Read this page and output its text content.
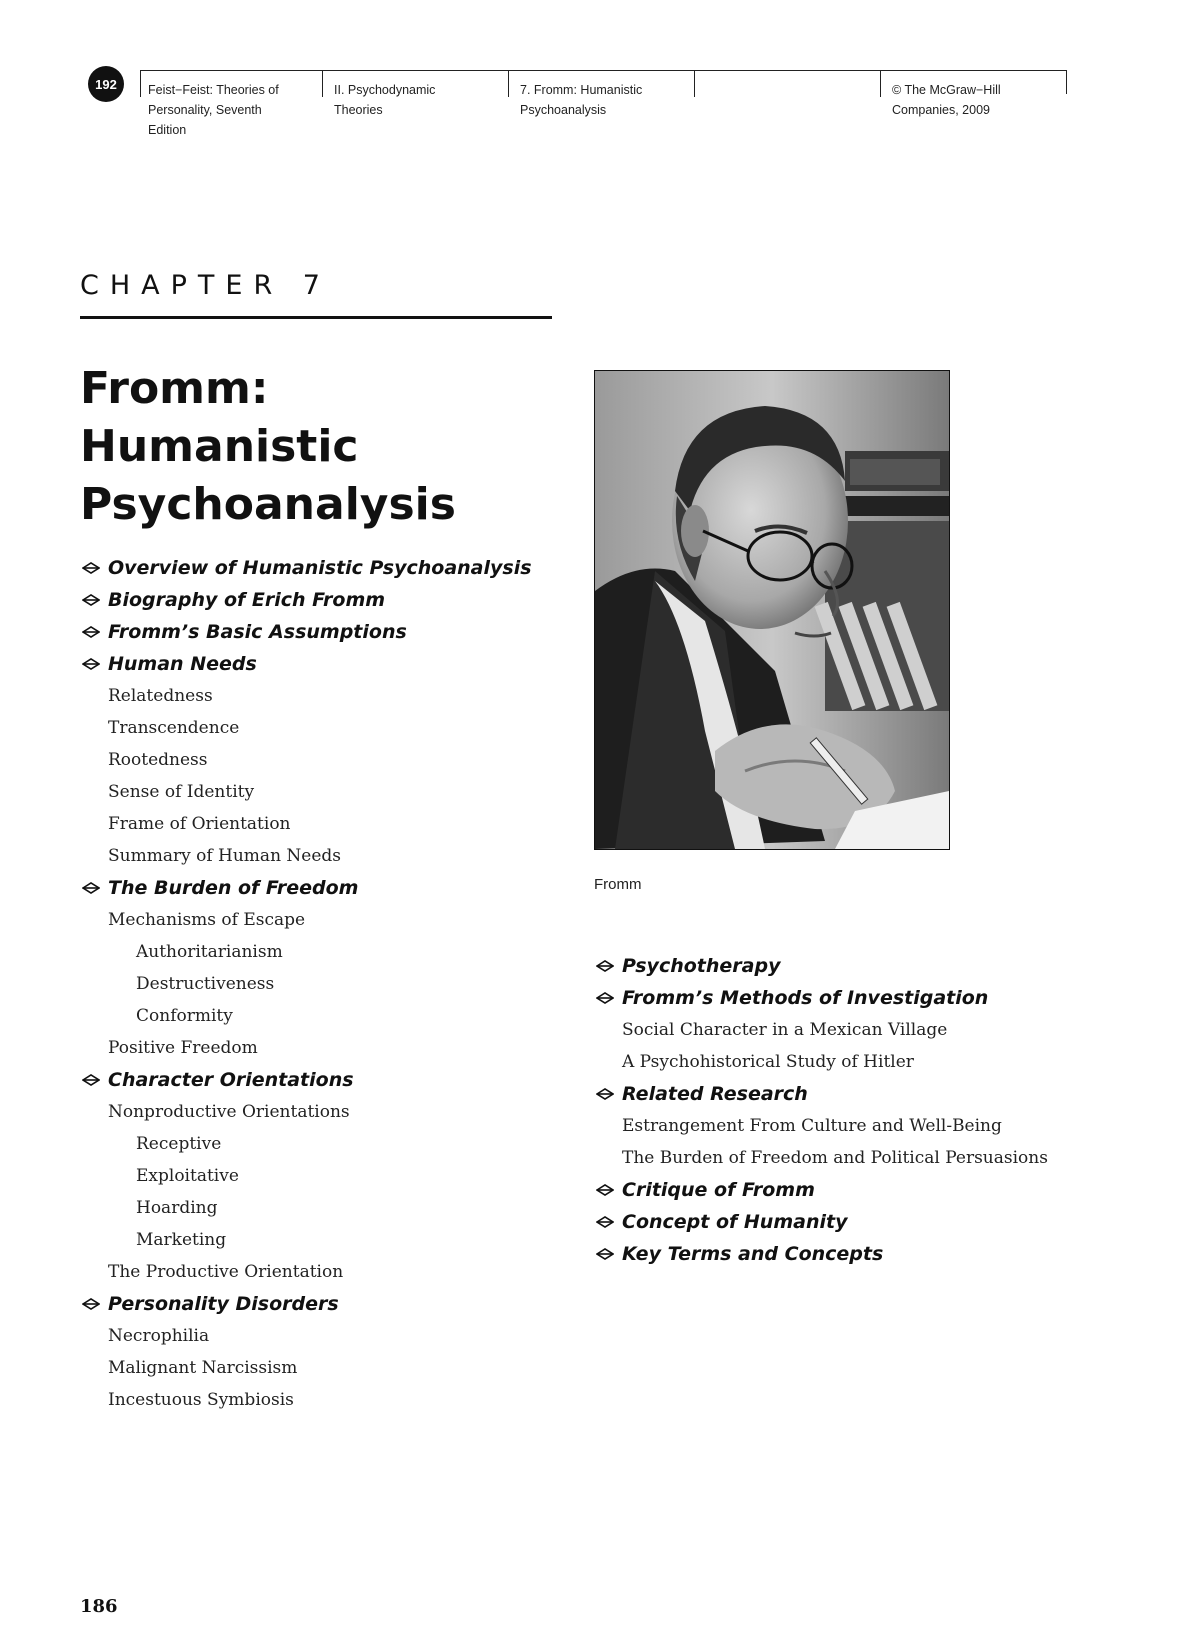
192	Feist−Feist: Theories of
Personality, Seventh
Edition
II. Psychodynamic
Theories
7. Fromm: Humanistic
Psychoanalysis
© The McGraw−Hill
Companies, 2009
CHAPTER 7
Fromm: Humanistic Psychoanalysis
Overview of Humanistic Psychoanalysis
Biography of Erich Fromm
Fromm’s Basic Assumptions
Human Needs
Relatedness
Transcendence
Rootedness
Sense of Identity
Frame of Orientation
Summary of Human Needs
The Burden of Freedom
Mechanisms of Escape
Authoritarianism
Destructiveness
Conformity
Positive Freedom
Character Orientations
Nonproductive Orientations
Receptive
Exploitative
Hoarding
Marketing
The Productive Orientation
Personality Disorders
Necrophilia
Malignant Narcissism
Incestuous Symbiosis
Psychotherapy
Fromm’s Methods of Investigation
Social Character in a Mexican Village
A Psychohistorical Study of Hitler
Related Research
Estrangement From Culture and Well-Being
The Burden of Freedom and Political Persuasions
Critique of Fromm
Concept of Humanity
Key Terms and Concepts
Fromm
186
